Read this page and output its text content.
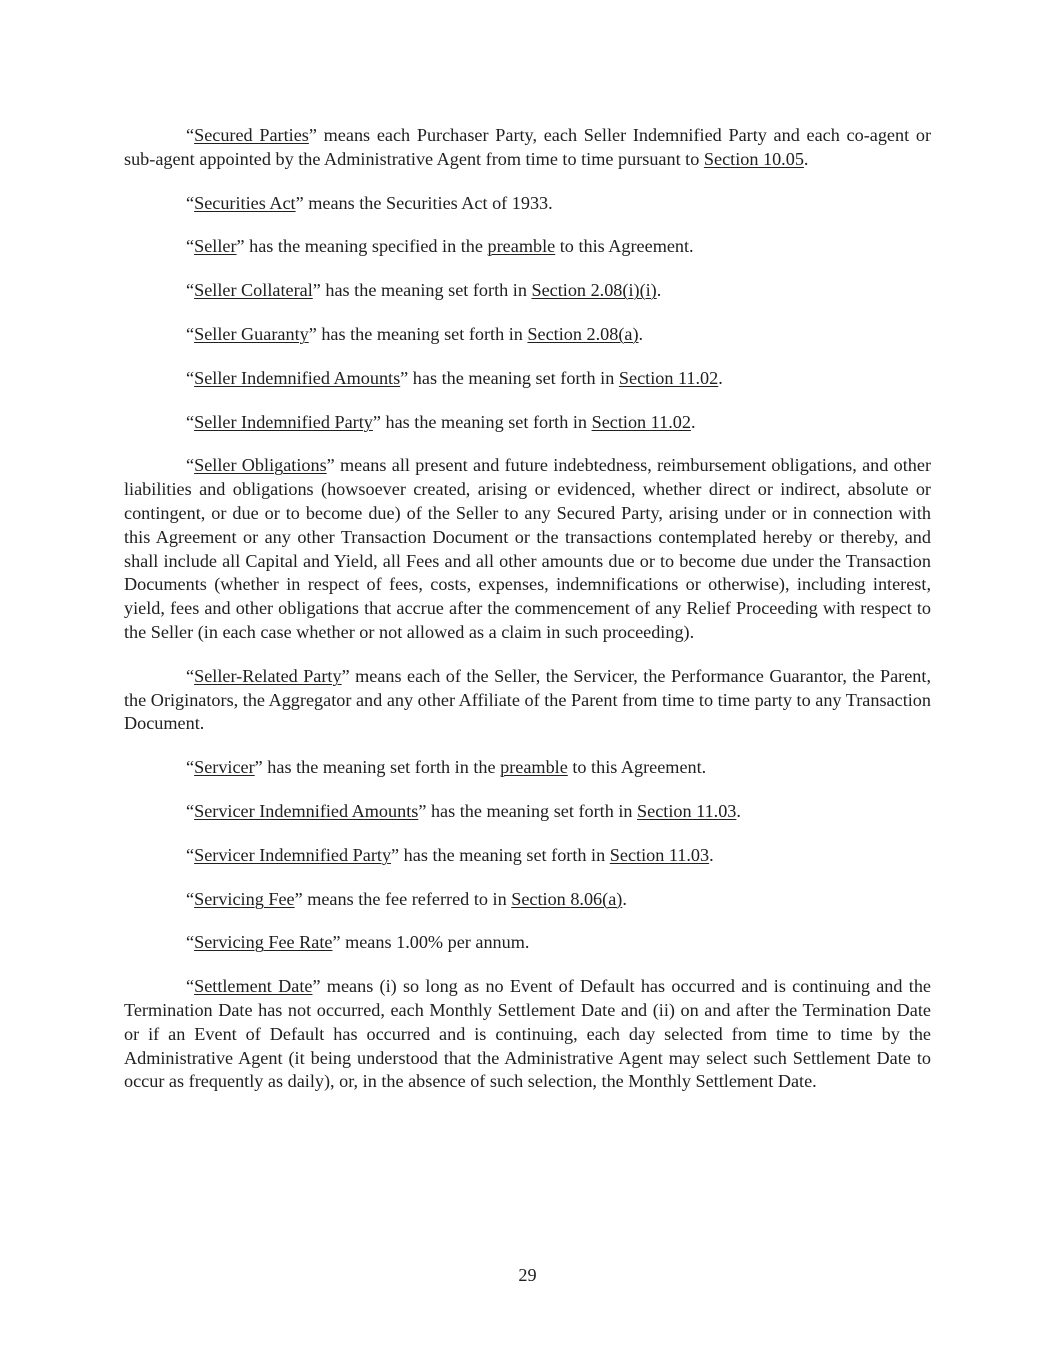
“Secured Parties” means each Purchaser Party, each Seller Indemnified Party and each co-agent or sub-agent appointed by the Administrative Agent from time to time pursuant to Section 10.05.

“Securities Act” means the Securities Act of 1933.

“Seller” has the meaning specified in the preamble to this Agreement.

“Seller Collateral” has the meaning set forth in Section 2.08(i)(i).

“Seller Guaranty” has the meaning set forth in Section 2.08(a).

“Seller Indemnified Amounts” has the meaning set forth in Section 11.02.

“Seller Indemnified Party” has the meaning set forth in Section 11.02.

“Seller Obligations” means all present and future indebtedness, reimbursement obligations, and other liabilities and obligations (howsoever created, arising or evidenced, whether direct or indirect, absolute or contingent, or due or to become due) of the Seller to any Secured Party, arising under or in connection with this Agreement or any other Transaction Document or the transactions contemplated hereby or thereby, and shall include all Capital and Yield, all Fees and all other amounts due or to become due under the Transaction Documents (whether in respect of fees, costs, expenses, indemnifications or otherwise), including interest, yield, fees and other obligations that accrue after the commencement of any Relief Proceeding with respect to the Seller (in each case whether or not allowed as a claim in such proceeding).

“Seller-Related Party” means each of the Seller, the Servicer, the Performance Guarantor, the Parent, the Originators, the Aggregator and any other Affiliate of the Parent from time to time party to any Transaction Document.

“Servicer” has the meaning set forth in the preamble to this Agreement.

“Servicer Indemnified Amounts” has the meaning set forth in Section 11.03.

“Servicer Indemnified Party” has the meaning set forth in Section 11.03.

“Servicing Fee” means the fee referred to in Section 8.06(a).

“Servicing Fee Rate” means 1.00% per annum.

“Settlement Date” means (i) so long as no Event of Default has occurred and is continuing and the Termination Date has not occurred, each Monthly Settlement Date and (ii) on and after the Termination Date or if an Event of Default has occurred and is continuing, each day selected from time to time by the Administrative Agent (it being understood that the Administrative Agent may select such Settlement Date to occur as frequently as daily), or, in the absence of such selection, the Monthly Settlement Date.

29
